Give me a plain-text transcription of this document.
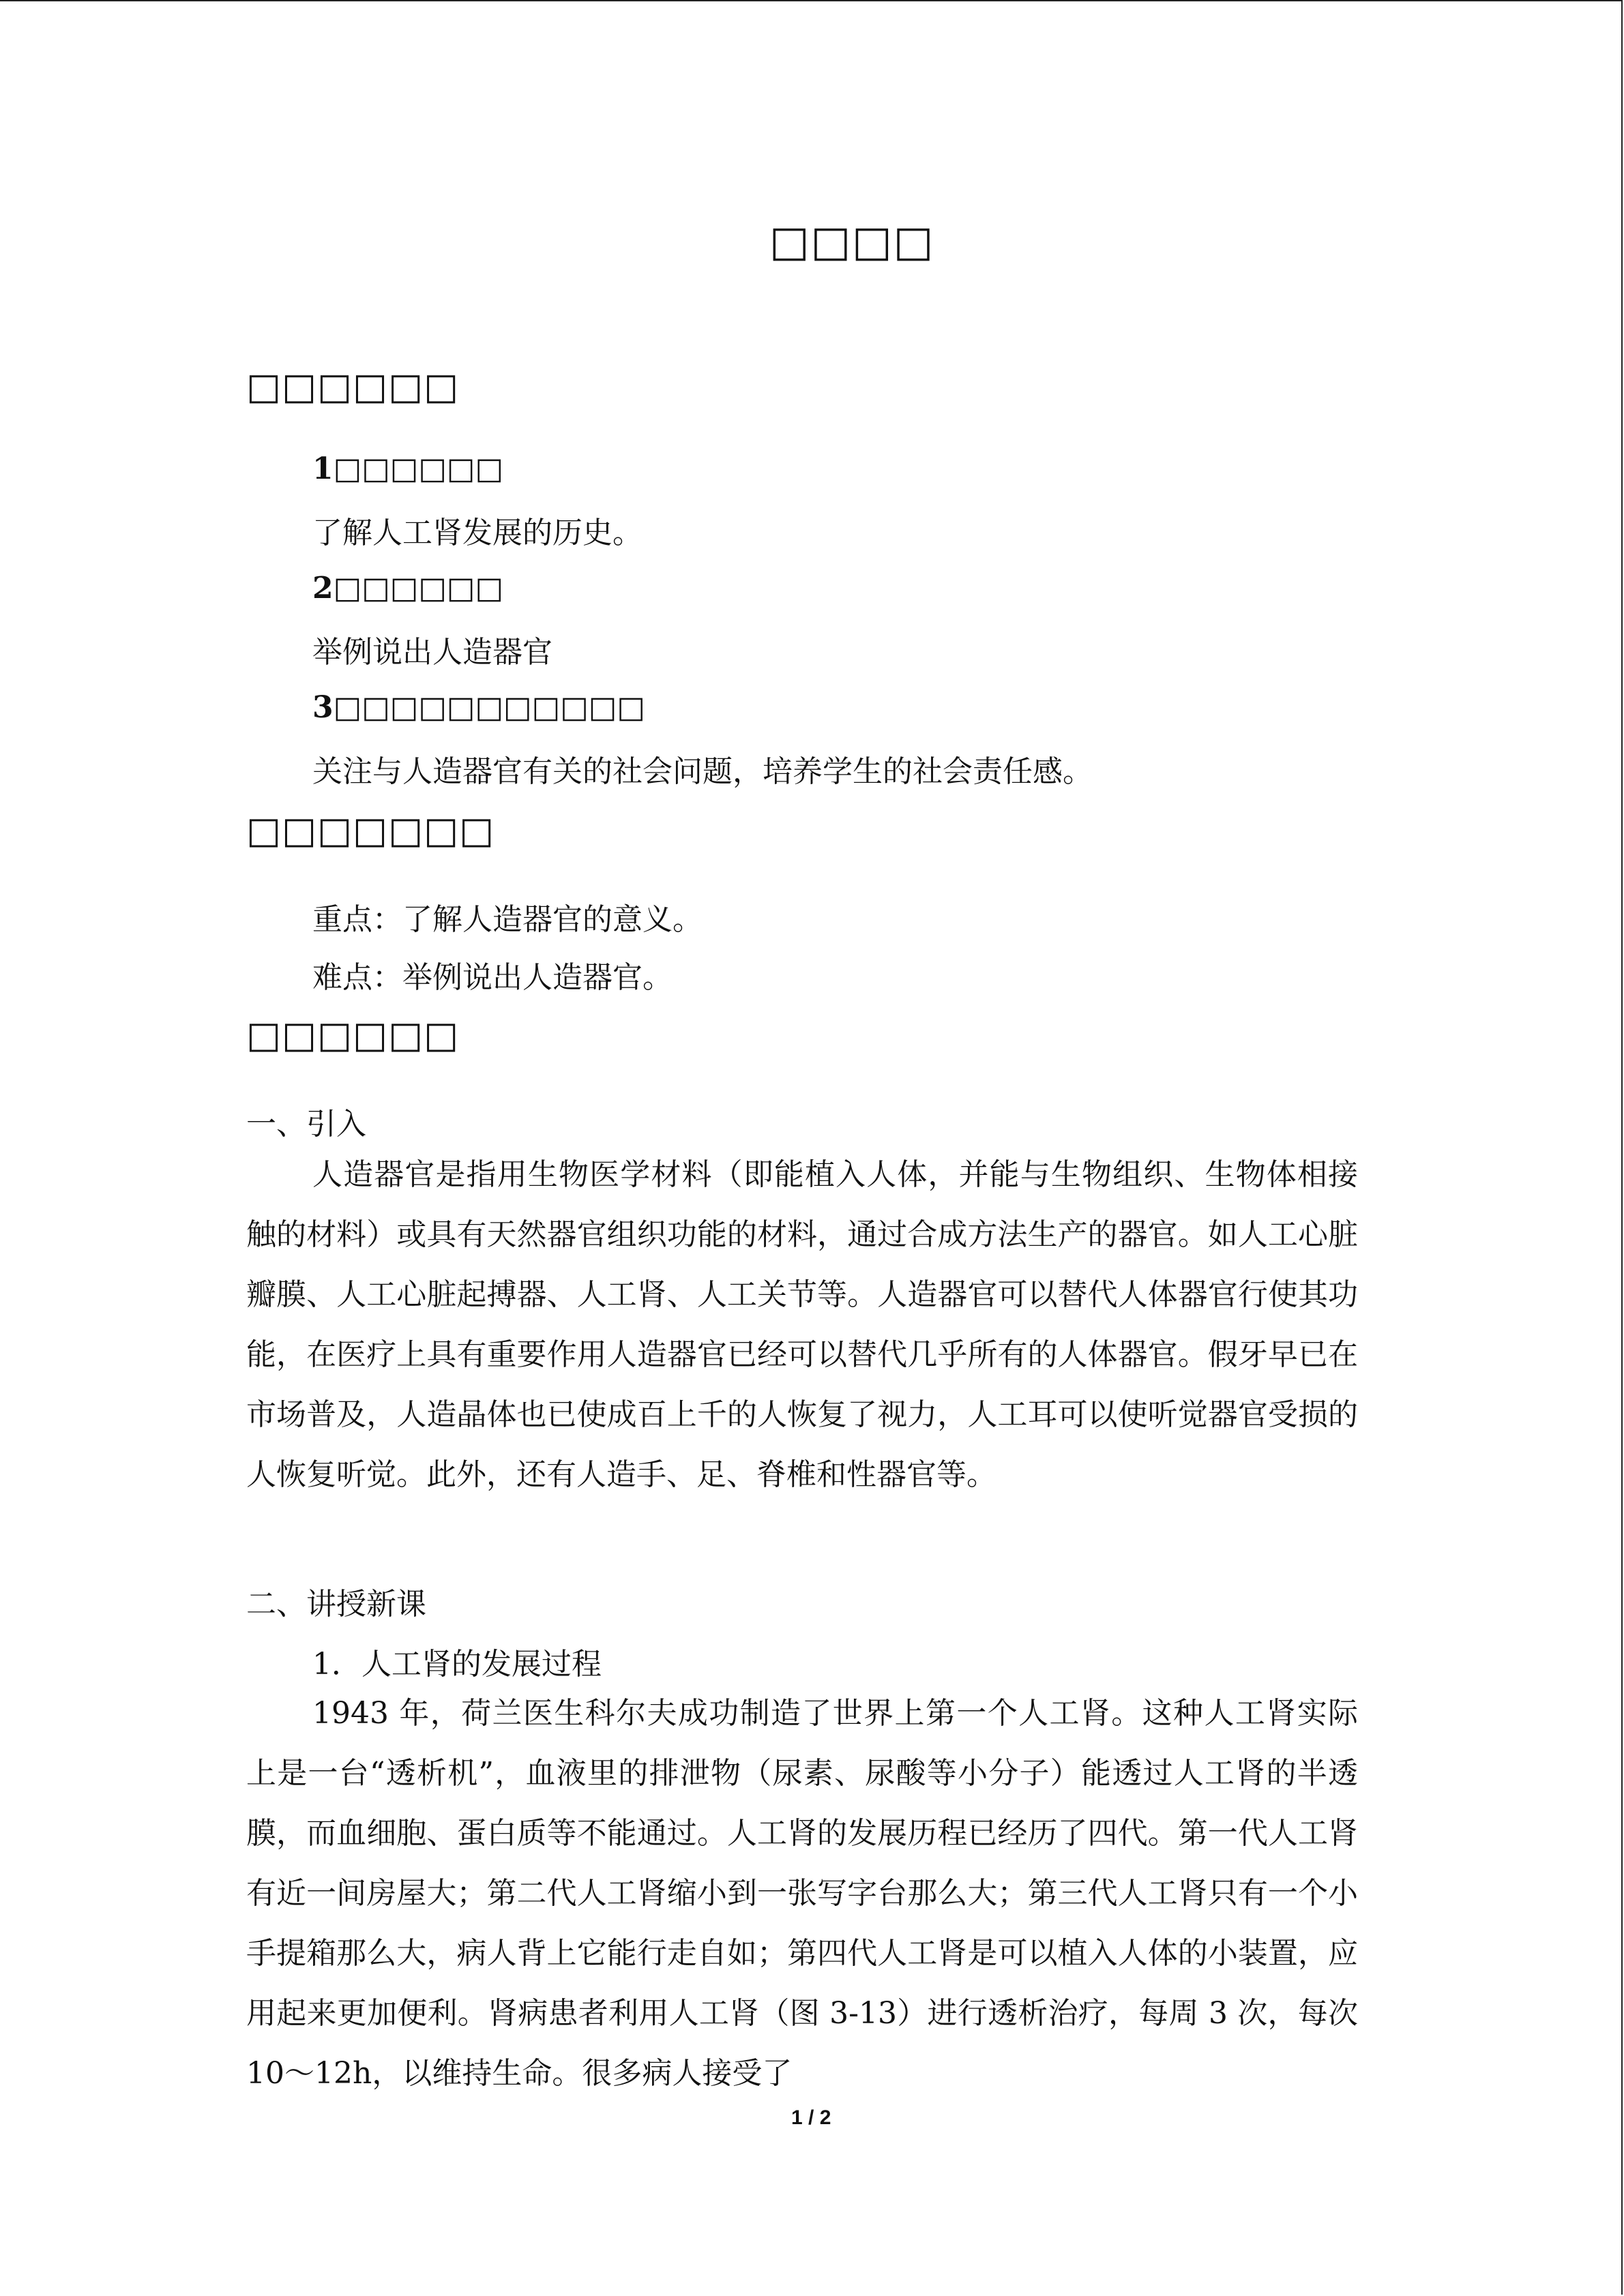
□□□□
□□□□□□
1□□□□□□
了解人工肾发展的历史。
2□□□□□□
举例说出人造器官
3□□□□□□□□□□□
关注与人造器官有关的社会问题，培养学生的社会责任感。
□□□□□□□
重点：了解人造器官的意义。
难点：举例说出人造器官。
□□□□□□
一、引入
人造器官是指用生物医学材料（即能植入人体，并能与生物组织、生物体相接触的材料）或具有天然器官组织功能的材料，通过合成方法生产的器官。如人工心脏瓣膜、人工心脏起搏器、人工肾、人工关节等。人造器官可以替代人体器官行使其功能，在医疗上具有重要作用人造器官已经可以替代几乎所有的人体器官。假牙早已在市场普及，人造晶体也已使成百上千的人恢复了视力，人工耳可以使听觉器官受损的人恢复听觉。此外，还有人造手、足、脊椎和性器官等。
二、讲授新课
1．人工肾的发展过程
1943 年，荷兰医生科尔夫成功制造了世界上第一个人工肾。这种人工肾实际上是一台“透析机”，血液里的排泄物（尿素、尿酸等小分子）能透过人工肾的半透膜，而血细胞、蛋白质等不能通过。人工肾的发展历程已经历了四代。第一代人工肾有近一间房屋大；第二代人工肾缩小到一张写字台那么大；第三代人工肾只有一个小手提箱那么大，病人背上它能行走自如；第四代人工肾是可以植入人体的小装置，应用起来更加便利。肾病患者利用人工肾（图 3-13）进行透析治疗，每周 3 次，每次 10～12h，以维持生命。很多病人接受了
1 / 2
